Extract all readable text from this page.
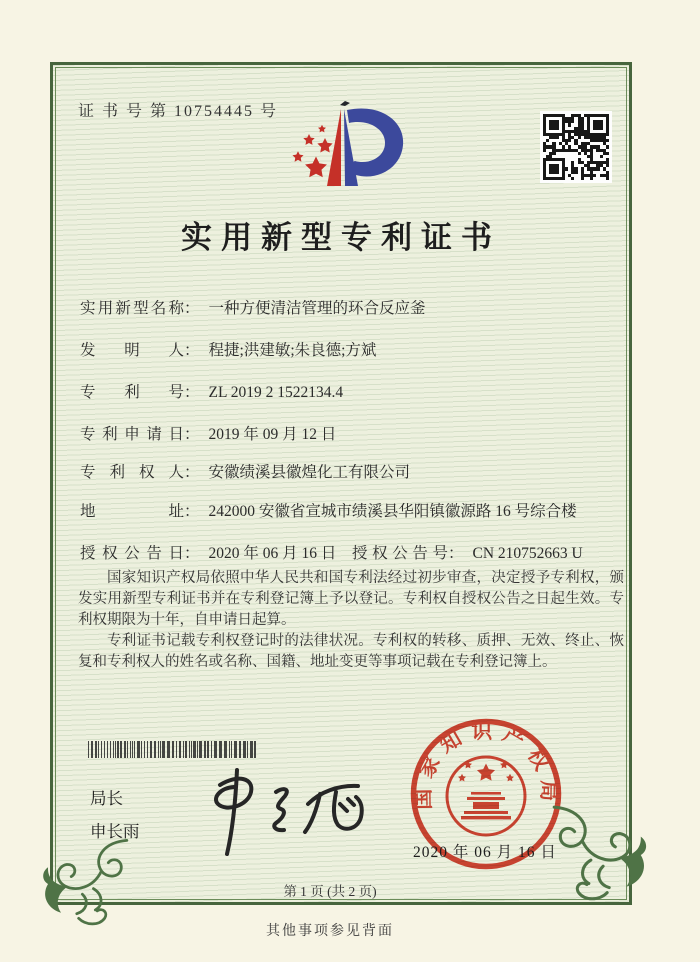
证 书 号 第 10754445 号
实用新型专利证书
实用新型名称： 一种方便清洁管理的环合反应釜
发明人： 程捷;洪建敏;朱良德;方斌
专利号： ZL 2019 2 1522134.4
专利申请日： 2019 年 09 月 12 日
专利权人： 安徽绩溪县徽煌化工有限公司
地址： 242000 安徽省宣城市绩溪县华阳镇徽源路 16 号综合楼
授权公告日： 2020 年 06 月 16 日 授权公告号： CN 210752663 U

国家知识产权局依照中华人民共和国专利法经过初步审查，决定授予专利权，颁发实用新型专利证书并在专利登记簿上予以登记。专利权自授权公告之日起生效。专利权期限为十年，自申请日起算。

专利证书记载专利权登记时的法律状况。专利权的转移、质押、无效、终止、恢复和专利权人的姓名或名称、国籍、地址变更等事项记载在专利登记簿上。

局长
申长雨
国家知识产权局
2020 年 06 月 16 日
第 1 页 (共 2 页)
其他事项参见背面
